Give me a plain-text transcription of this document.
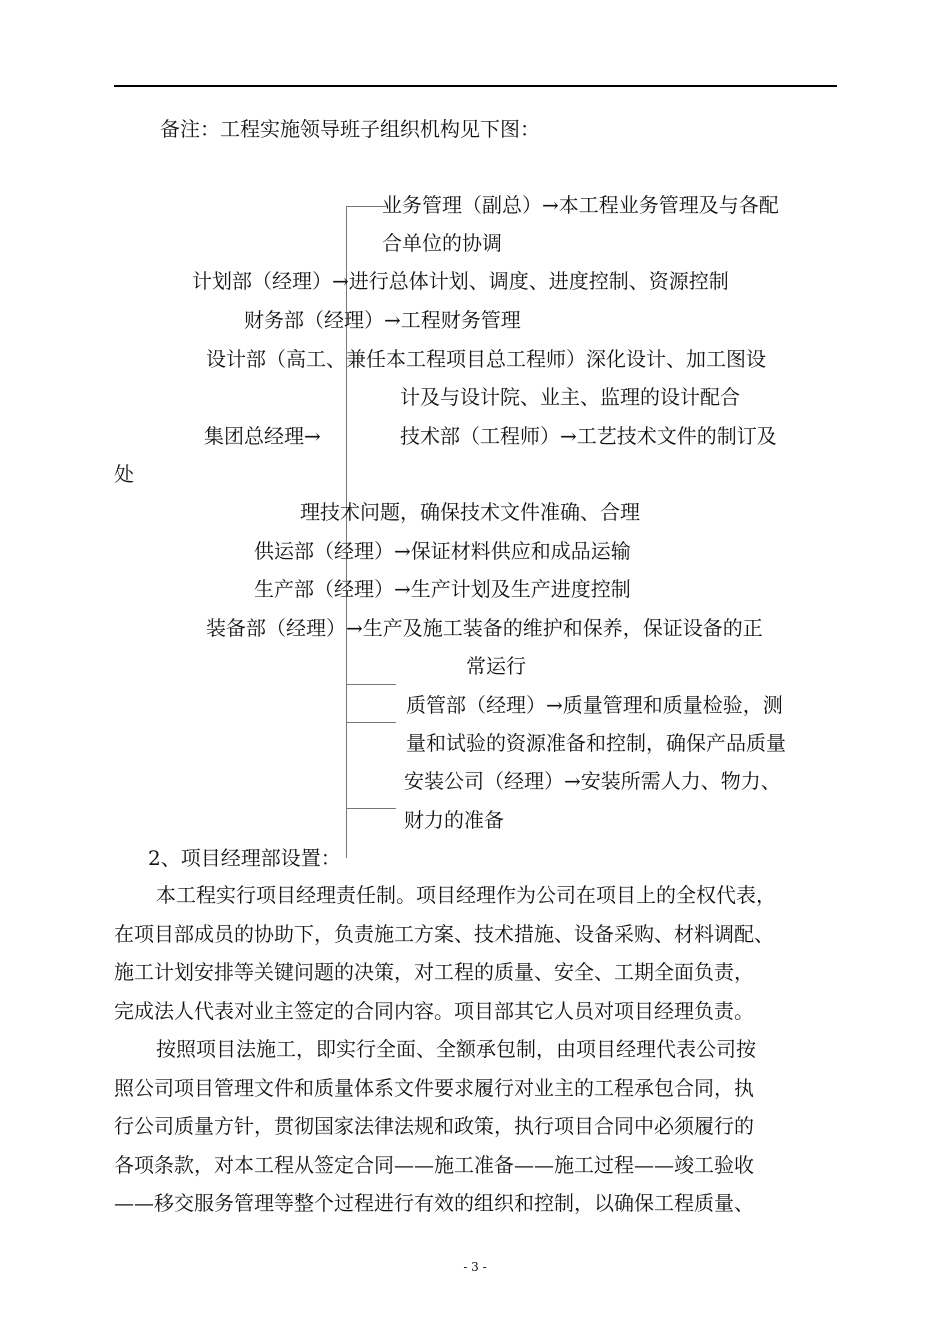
备注：工程实施领导班子组织机构见下图：
业务管理（副总）→本工程业务管理及与各配
合单位的协调
计划部（经理）→进行总体计划、调度、进度控制、资源控制
财务部（经理）→工程财务管理
设计部（高工、兼任本工程项目总工程师）深化设计、加工图设
计及与设计院、业主、监理的设计配合
集团总经理→	技术部（工程师）→工艺技术文件的制订及
处
理技术问题，确保技术文件准确、合理
供运部（经理）→保证材料供应和成品运输
生产部（经理）→生产计划及生产进度控制
装备部（经理）→生产及施工装备的维护和保养，保证设备的正
常运行
质管部（经理）→质量管理和质量检验，测
量和试验的资源准备和控制，确保产品质量
安装公司（经理）→安装所需人力、物力、
财力的准备
2、项目经理部设置：
本工程实行项目经理责任制。项目经理作为公司在项目上的全权代表，
在项目部成员的协助下，负责施工方案、技术措施、设备采购、材料调配、
施工计划安排等关键问题的决策，对工程的质量、安全、工期全面负责，
完成法人代表对业主签定的合同内容。项目部其它人员对项目经理负责。
按照项目法施工，即实行全面、全额承包制，由项目经理代表公司按
照公司项目管理文件和质量体系文件要求履行对业主的工程承包合同，执
行公司质量方针，贯彻国家法律法规和政策，执行项目合同中必须履行的
各项条款，对本工程从签定合同——施工准备——施工过程——竣工验收
——移交服务管理等整个过程进行有效的组织和控制，以确保工程质量、
- 3 -
